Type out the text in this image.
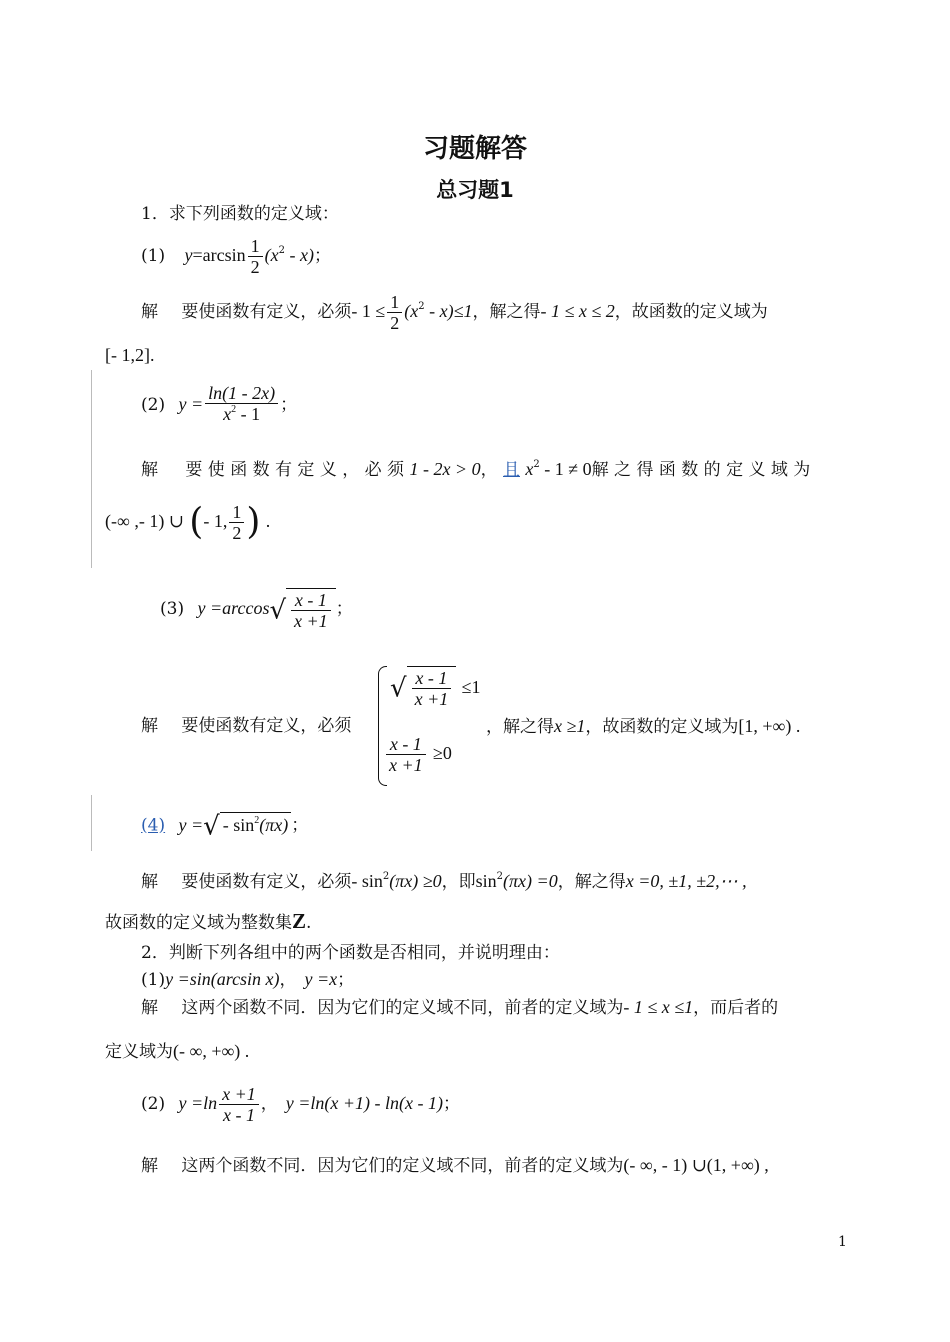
习题解答
总习题1
1．求下列函数的定义域：
(1) $y=\arcsin \frac{1}{2} (x^2 - x)$；
解 要使函数有定义，必须- $1 \le \frac{1}{2} (x^2 - x)\le 1$，解之得- 1 ≤ x ≤ 2，故函数的定义域为
[- 1,2].
(2) $y = \frac{\ln(1 - 2x)}{x^2 - 1}$ ；
解 要 使 函 数 有 定 义 ， 必 须 1 - 2x > 0， 且 $x^2 - 1 \ne 0$解 之 得 函 数 的 定 义 域 为
(-∞ ,- 1) ∪ (- 1, $\frac{1}{2}$ ) .
(3) $y =\arccos√ \frac{x - 1}{x +1}$ ；
解 要使函数有定义，必须
√ $\frac{x - 1}{x +1} \le 1$
$\frac{x - 1}{x +1} \ge 0$
，解之得x ≥1，故函数的定义域为[1, +∞) .
(4) y =√ - $\sin^2(\pi x)$ ；
解 要使函数有定义，必须- $\sin^2(\pi x) \ge 0$，即$\sin^2(\pi x) =0$，解之得x =0, ±1, ±2,⋯ ,
故函数的定义域为整数集Z.
2．判断下列各组中的两个函数是否相同，并说明理由：
(1)y =sin(arcsin x)， y =x；
解 这两个函数不同．因为它们的定义域不同，前者的定义域为- 1 ≤ x ≤1，而后者的
定义域为(- ∞, +∞) .
(2) $y =\ln \frac{x +1}{x - 1}$ ， y =ln(x +1) - ln(x - 1)；
解 这两个函数不同．因为它们的定义域不同，前者的定义域为(- ∞, - 1) ∪(1, +∞) ,
1
